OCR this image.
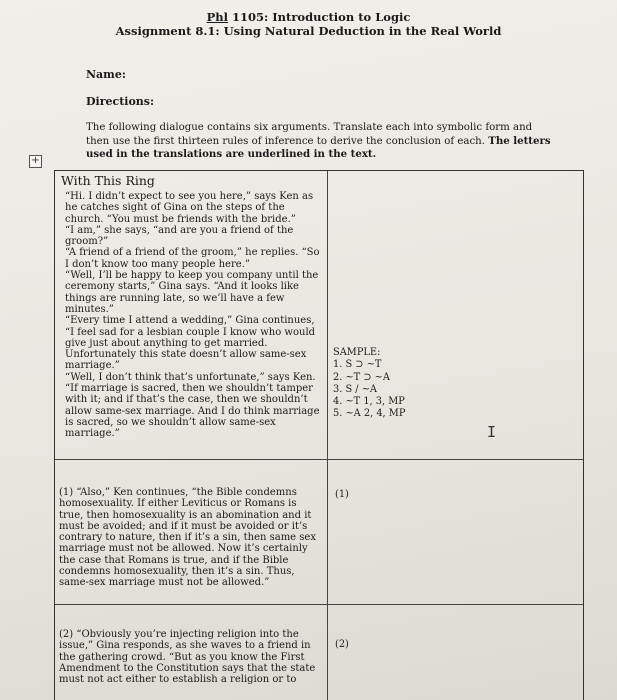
Phl 1105: Introduction to Logic
Assignment 8.1: Using Natural Deduction in the Real World
Name:
Directions:
The following dialogue contains six arguments. Translate each into symbolic form and then use the first thirteen rules of inference to derive the conclusion of each. The letters used in the translations are underlined in the text.
+
With This Ring
“Hi. I didn’t expect to see you here,” says Ken as he catches sight of Gina on the steps of the church. “You must be friends with the bride.”
“I am,” she says, “and are you a friend of the groom?”
“A friend of a friend of the groom,” he replies. “So I don’t know too many people here.”
“Well, I’ll be happy to keep you company until the ceremony starts,” Gina says. “And it looks like things are running late, so we’ll have a few minutes.”
“Every time I attend a wedding,” Gina continues, “I feel sad for a lesbian couple I know who would give just about anything to get married. Unfortunately this state doesn’t allow same-sex marriage.”
“Well, I don’t think that’s unfortunate,” says Ken. “If marriage is sacred, then we shouldn’t tamper with it; and if that’s the case, then we shouldn’t allow same-sex marriage. And I do think marriage is sacred, so we shouldn’t allow same-sex marriage.”
SAMPLE:
1. S ⊃ ~T
2. ~T ⊃ ~A
3. S / ~A
4. ~T 1, 3, MP
5. ~A 2, 4, MP
I
(1) “Also,” Ken continues, “the Bible condemns homosexuality. If either Leviticus or Romans is true, then homosexuality is an abomination and it must be avoided; and if it must be avoided or it’s contrary to nature, then if it’s a sin, then same sex marriage must not be allowed. Now it’s certainly the case that Romans is true, and if the Bible condemns homosexuality, then it’s a sin. Thus, same-sex marriage must not be allowed.”
(1)
(2) “Obviously you’re injecting religion into the issue,” Gina responds, as she waves to a friend in the gathering crowd. “But as you know the First Amendment to the Constitution says that the state must not act either to establish a religion or to
(2)
